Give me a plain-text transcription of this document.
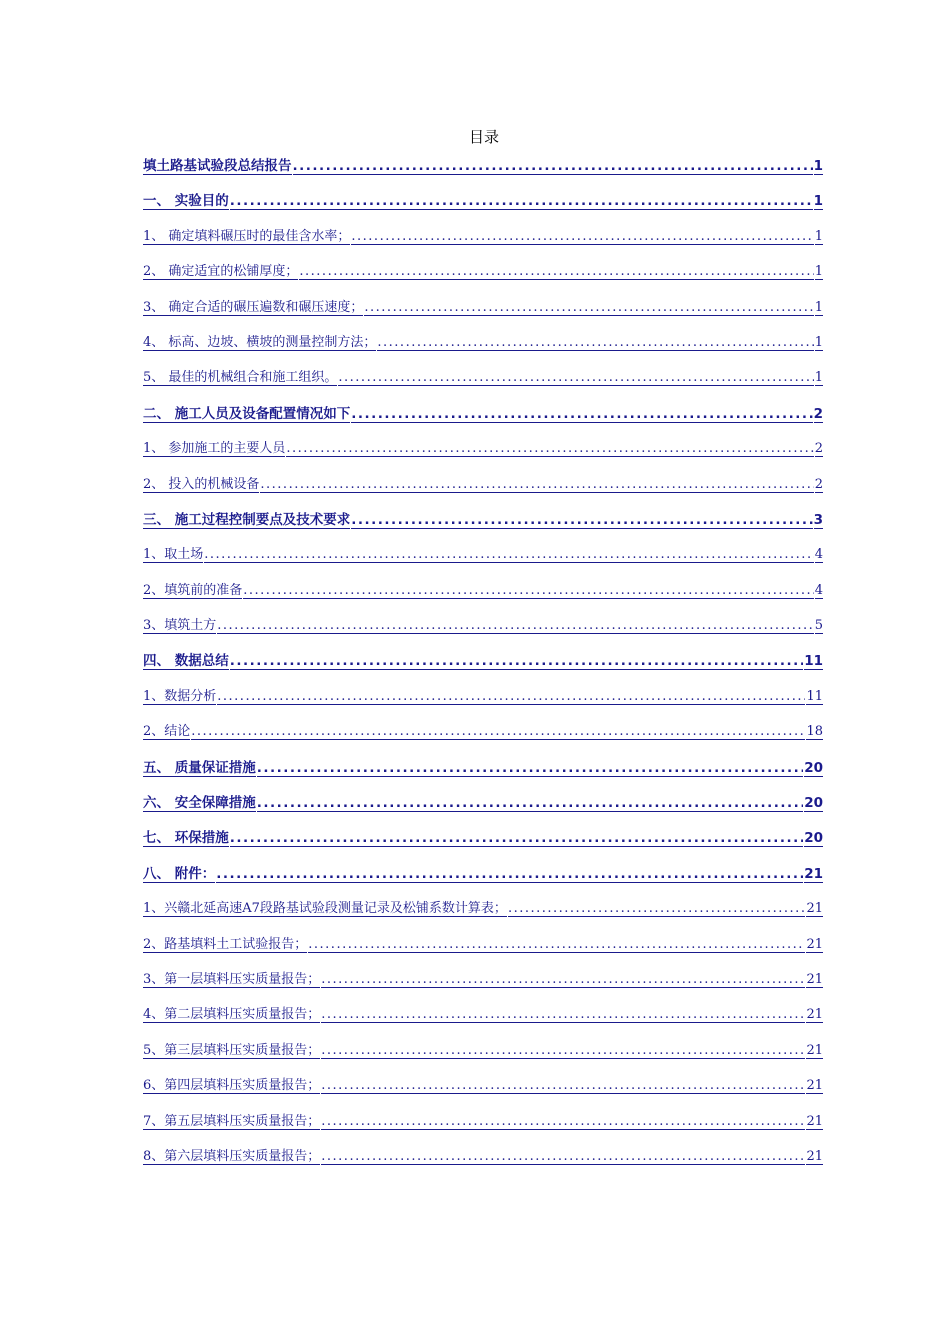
目录
填土路基试验段总结报告 .....	1
一、 实验目的 .....	1
1、 确定填料碾压时的最佳含水率； .....	1
2、 确定适宜的松铺厚度； .....	1
3、 确定合适的碾压遍数和碾压速度； .....	1
4、 标高、边坡、横坡的测量控制方法； .....	1
5、 最佳的机械组合和施工组织。 .....	1
二、 施工人员及设备配置情况如下 .....	2
1、 参加施工的主要人员 .....	2
2、 投入的机械设备 .....	2
三、 施工过程控制要点及技术要求 .....	3
1、取土场 .....	4
2、填筑前的准备 .....	4
3、填筑土方 .....	5
四、 数据总结 .....	11
1、数据分析 .....	11
2、结论 .....	18
五、 质量保证措施 .....	20
六、 安全保障措施 .....	20
七、 环保措施 .....	20
八、 附件： .....	21
1、兴赣北延高速A7段路基试验段测量记录及松铺系数计算表； .....	21
2、路基填料土工试验报告； .....	21
3、第一层填料压实质量报告； .....	21
4、第二层填料压实质量报告； .....	21
5、第三层填料压实质量报告； .....	21
6、第四层填料压实质量报告； .....	21
7、第五层填料压实质量报告； .....	21
8、第六层填料压实质量报告； .....	21
